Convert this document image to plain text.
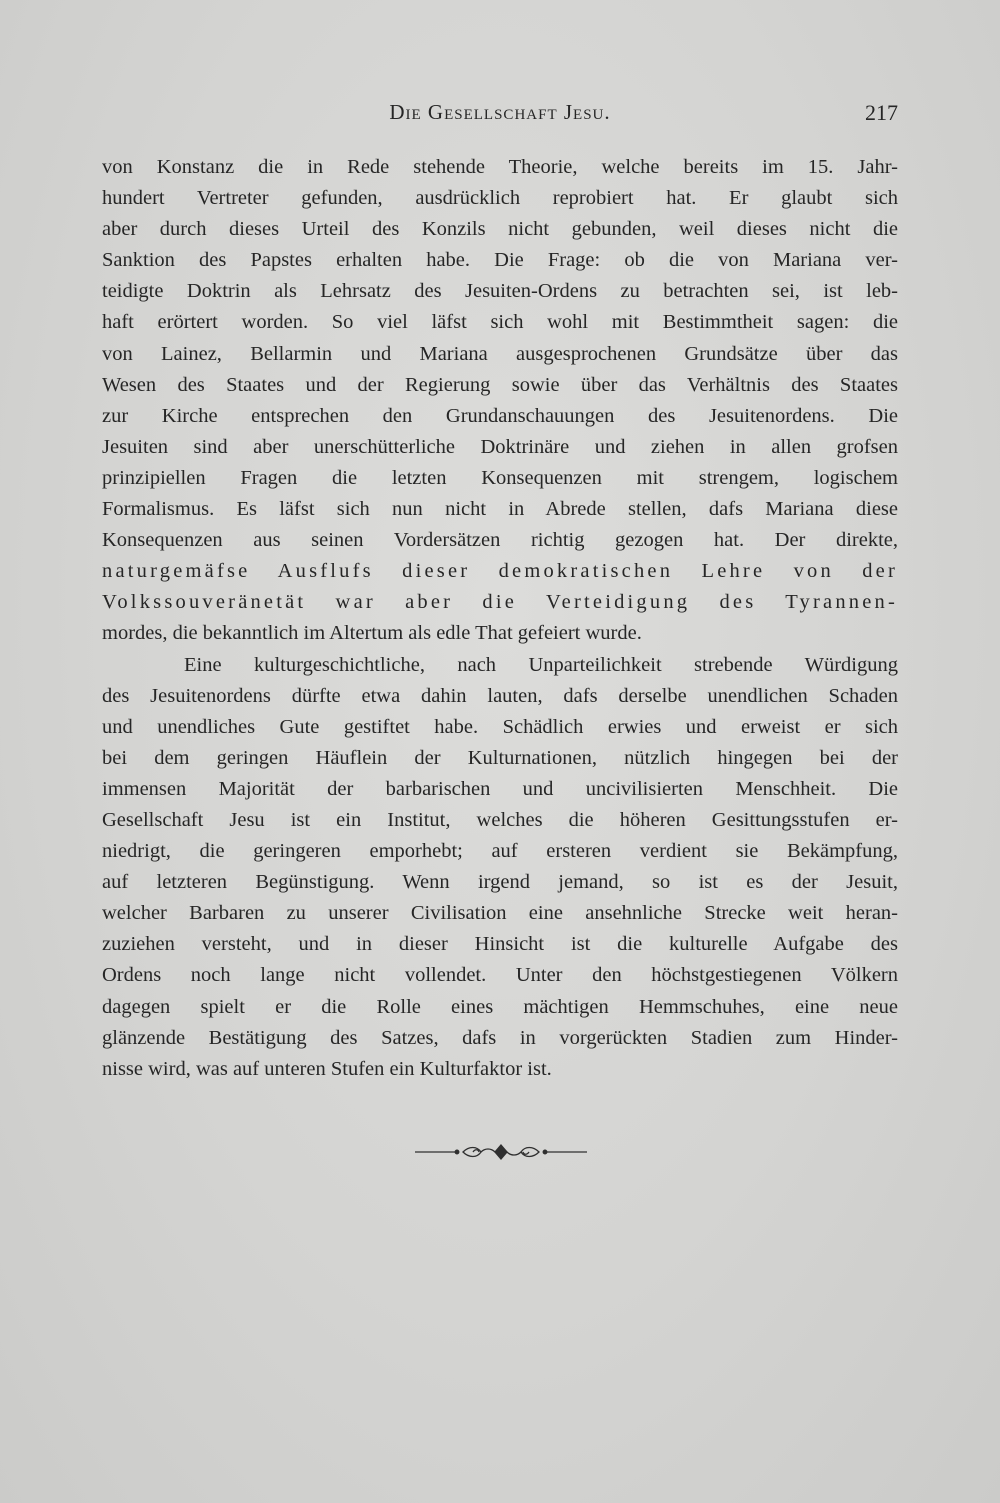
Die Gesellschaft Jesu.	217
von Konstanz die in Rede stehende Theorie, welche bereits im 15. Jahr-
hundert Vertreter gefunden, ausdrücklich reprobiert hat. Er glaubt sich
aber durch dieses Urteil des Konzils nicht gebunden, weil dieses nicht die
Sanktion des Papstes erhalten habe. Die Frage: ob die von Mariana ver-
teidigte Doktrin als Lehrsatz des Jesuiten-Ordens zu betrachten sei, ist leb-
haft erörtert worden. So viel läfst sich wohl mit Bestimmtheit sagen: die
von Lainez, Bellarmin und Mariana ausgesprochenen Grundsätze über das
Wesen des Staates und der Regierung sowie über das Verhältnis des Staates
zur Kirche entsprechen den Grundanschauungen des Jesuitenordens. Die
Jesuiten sind aber unerschütterliche Doktrinäre und ziehen in allen grofsen
prinzipiellen Fragen die letzten Konsequenzen mit strengem, logischem
Formalismus. Es läfst sich nun nicht in Abrede stellen, dafs Mariana diese
Konsequenzen aus seinen Vordersätzen richtig gezogen hat. Der direkte,
naturgemäfse Ausflufs dieser demokratischen Lehre von der
Volkssouveränetät war aber die Verteidigung des Tyrannen-
mordes, die bekanntlich im Altertum als edle That gefeiert wurde.
Eine kulturgeschichtliche, nach Unparteilichkeit strebende Würdigung
des Jesuitenordens dürfte etwa dahin lauten, dafs derselbe unendlichen Schaden
und unendliches Gute gestiftet habe. Schädlich erwies und erweist er sich
bei dem geringen Häuflein der Kulturnationen, nützlich hingegen bei der
immensen Majorität der barbarischen und uncivilisierten Menschheit. Die
Gesellschaft Jesu ist ein Institut, welches die höheren Gesittungsstufen er-
niedrigt, die geringeren emporhebt; auf ersteren verdient sie Bekämpfung,
auf letzteren Begünstigung. Wenn irgend jemand, so ist es der Jesuit,
welcher Barbaren zu unserer Civilisation eine ansehnliche Strecke weit heran-
zuziehen versteht, und in dieser Hinsicht ist die kulturelle Aufgabe des
Ordens noch lange nicht vollendet. Unter den höchstgestiegenen Völkern
dagegen spielt er die Rolle eines mächtigen Hemmschuhes, eine neue
glänzende Bestätigung des Satzes, dafs in vorgerückten Stadien zum Hinder-
nisse wird, was auf unteren Stufen ein Kulturfaktor ist.
